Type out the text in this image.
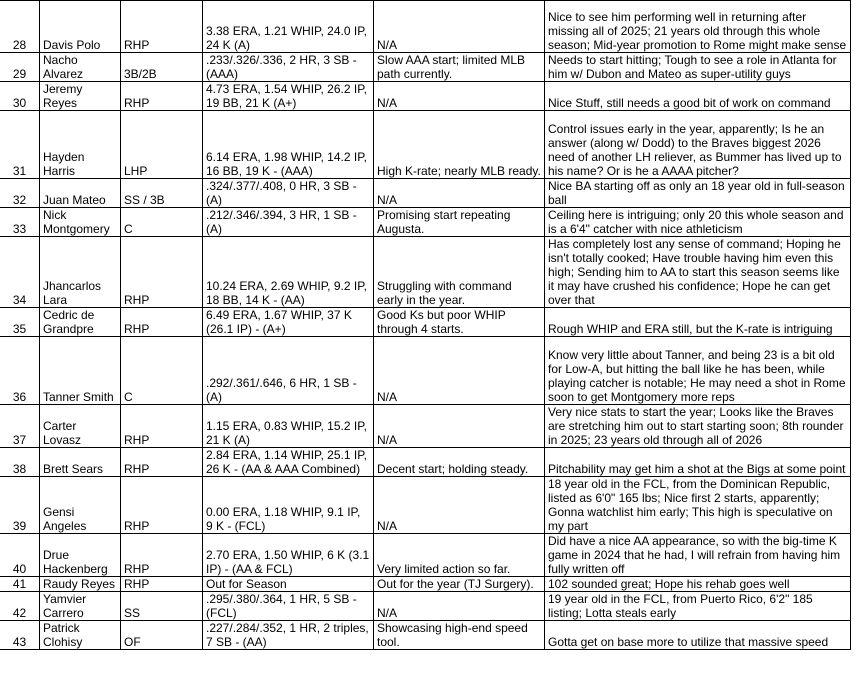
28	Davis Polo	RHP	3.38 ERA, 1.21 WHIP, 24.0 IP, 24 K (A)	N/A	Nice to see him performing well in returning after missing all of 2025; 21 years old through this whole season; Mid-year promotion to Rome might make sense
29	Nacho Alvarez	3B/2B	.233/.326/.336, 2 HR, 3 SB - (AAA)	Slow AAA start; limited MLB path currently.	Needs to start hitting; Tough to see a role in Atlanta for him w/ Dubon and Mateo as super-utility guys
30	Jeremy Reyes	RHP	4.73 ERA, 1.54 WHIP, 26.2 IP, 19 BB, 21 K (A+)	N/A	Nice Stuff, still needs a good bit of work on command
31	Hayden Harris	LHP	6.14 ERA, 1.98 WHIP, 14.2 IP, 16 BB, 19 K - (AAA)	High K-rate; nearly MLB ready.	Control issues early in the year, apparently; Is he an answer (along w/ Dodd) to the Braves biggest 2026 need of another LH reliever, as Bummer has lived up to his name? Or is he a AAAA pitcher?
32	Juan Mateo	SS / 3B	.324/.377/.408, 0 HR, 3 SB - (A)	N/A	Nice BA starting off as only an 18 year old in full-season ball
33	Nick Montgomery	C	.212/.346/.394, 3 HR, 1 SB - (A)	Promising start repeating Augusta.	Ceiling here is intriguing; only 20 this whole season and is a 6'4" catcher with nice athleticism
34	Jhancarlos Lara	RHP	10.24 ERA, 2.69 WHIP, 9.2 IP, 18 BB, 14 K - (AA)	Struggling with command early in the year.	Has completely lost any sense of command; Hoping he isn't totally cooked; Have trouble having him even this high; Sending him to AA to start this season seems like it may have crushed his confidence; Hope he can get over that
35	Cedric de Grandpre	RHP	6.49 ERA, 1.67 WHIP, 37 K (26.1 IP) - (A+)	Good Ks but poor WHIP through 4 starts.	Rough WHIP and ERA still, but the K-rate is intriguing
36	Tanner Smith	C	.292/.361/.646, 6 HR, 1 SB - (A)	N/A	Know very little about Tanner, and being 23 is a bit old for Low-A, but hitting the ball like he has been, while playing catcher is notable; He may need a shot in Rome soon to get Montgomery more reps
37	Carter Lovasz	RHP	1.15 ERA, 0.83 WHIP, 15.2 IP, 21 K (A)	N/A	Very nice stats to start the year; Looks like the Braves are stretching him out to start starting soon; 8th rounder in 2025; 23 years old through all of 2026
38	Brett Sears	RHP	2.84 ERA, 1.14 WHIP, 25.1 IP, 26 K - (AA & AAA Combined)	Decent start; holding steady.	Pitchability may get him a shot at the Bigs at some point
39	Gensi Angeles	RHP	0.00 ERA, 1.18 WHIP, 9.1 IP, 9 K - (FCL)	N/A	18 year old in the FCL, from the Dominican Republic, listed as 6'0" 165 lbs; Nice first 2 starts, apparently; Gonna watchlist him early; This high is speculative on my part
40	Drue Hackenberg	RHP	2.70 ERA, 1.50 WHIP, 6 K (3.1 IP) - (AA & FCL)	Very limited action so far.	Did have a nice AA appearance, so with the big-time K game in 2024 that he had, I will refrain from having him fully written off
41	Raudy Reyes	RHP	Out for Season	Out for the year (TJ Surgery).	102 sounded great; Hope his rehab goes well
42	Yamvier Carrero	SS	.295/.380/.364, 1 HR, 5 SB - (FCL)	N/A	19 year old in the FCL, from Puerto Rico, 6'2" 185 listing; Lotta steals early
43	Patrick Clohisy	OF	.227/.284/.352, 1 HR, 2 triples, 7 SB - (AA)	Showcasing high-end speed tool.	Gotta get on base more to utilize that massive speed
